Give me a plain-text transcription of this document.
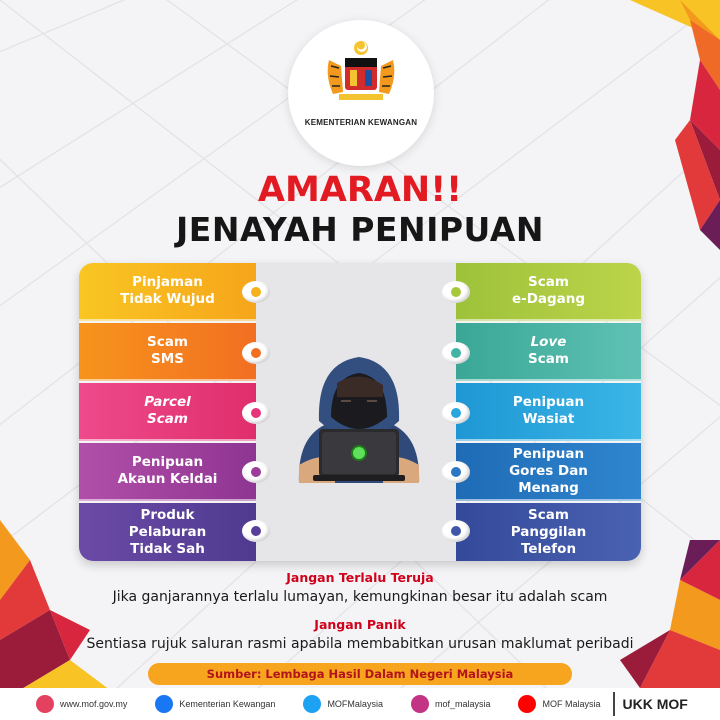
KEMENTERIAN KEWANGAN
AMARAN!!
JENAYAH PENIPUAN
Pinjaman
Tidak Wujud
Scam
SMS
Parcel
Scam
Penipuan
Akaun Keldai
Produk
Pelaburan
Tidak Sah
Scam
e-Dagang
Love
Scam
Penipuan
Wasiat
Penipuan
Gores Dan
Menang
Scam
Panggilan
Telefon
Jangan Terlalu Teruja
Jika ganjarannya terlalu lumayan, kemungkinan besar itu adalah scam
Jangan Panik
Sentiasa rujuk saluran rasmi apabila membabitkan urusan maklumat peribadi
Sumber: Lembaga Hasil Dalam Negeri Malaysia
www.mof.gov.my	Kementerian Kewangan	MOFMalaysia	mof_malaysia	MOF Malaysia UKK MOF
